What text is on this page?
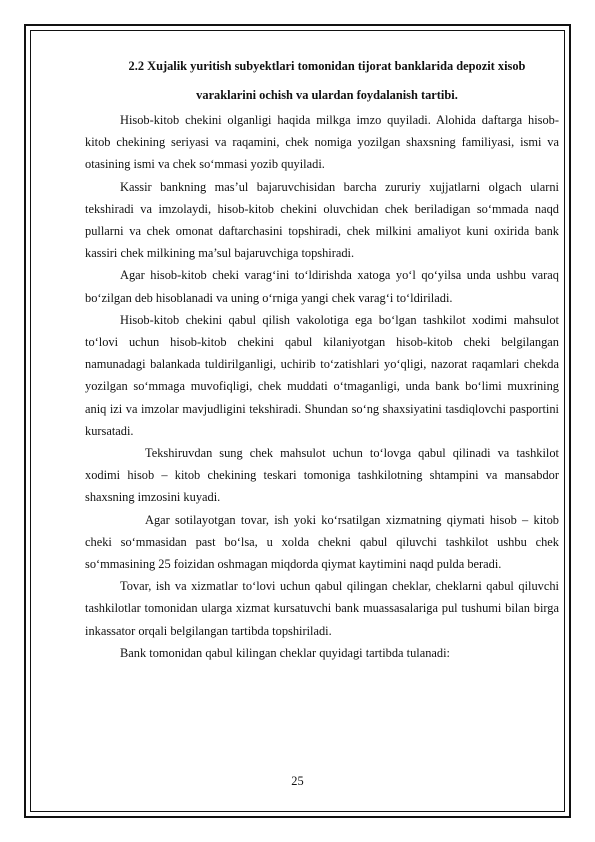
2.2 Xujalik yuritish subyektlari tomonidan tijorat banklarida depozit xisob
varaklarini ochish va ulardan foydalanish tartibi.

Hisob-kitob chekini olganligi haqida milkga imzo quyiladi. Alohida daftarga hisob-kitob chekining seriyasi va raqamini, chek nomiga yozilgan shaxsning familiyasi, ismi va otasining ismi va chek so‘mmasi yozib quyiladi.

Kassir bankning mas’ul bajaruvchisidan barcha zururiy xujjatlarni olgach ularni tekshiradi va imzolaydi, hisob-kitob chekini oluvchidan chek beriladigan so‘mmada naqd pullarni va chek omonat daftarchasini topshiradi, chek milkini amaliyot kuni oxirida bank kassiri chek milkining ma’sul bajaruvchiga topshiradi.

Agar hisob-kitob cheki varag‘ini to‘ldirishda xatoga yo‘l qo‘yilsa unda ushbu varaq bo‘zilgan deb hisoblanadi va uning o‘rniga yangi chek varag‘i to‘ldiriladi.

Hisob-kitob chekini qabul qilish vakolotiga ega bo‘lgan tashkilot xodimi mahsulot to‘lovi uchun hisob-kitob chekini qabul kilaniyotgan hisob-kitob cheki belgilangan namunadagi balankada tuldirilganligi, uchirib to‘zatishlari yo‘qligi, nazorat raqamlari chekda yozilgan so‘mmaga muvofiqligi, chek muddati o‘tmaganligi, unda bank bo‘limi muxrining aniq izi va imzolar mavjudligini tekshiradi. Shundan so‘ng shaxsiyatini tasdiqlovchi pasportini kursatadi.

Tekshiruvdan sung chek mahsulot uchun to‘lovga qabul qilinadi va tashkilot xodimi hisob – kitob chekining teskari tomoniga tashkilotning shtampini va mansabdor shaxsning imzosini kuyadi.

Agar sotilayotgan tovar, ish yoki ko‘rsatilgan xizmatning qiymati hisob – kitob cheki so‘mmasidan past bo‘lsa, u xolda chekni qabul qiluvchi tashkilot ushbu chek so‘mmasining 25 foizidan oshmagan miqdorda qiymat kaytimini naqd pulda beradi.

Tovar, ish va xizmatlar to‘lovi uchun qabul qilingan cheklar, cheklarni qabul qiluvchi tashkilotlar tomonidan ularga xizmat kursatuvchi bank muassasalariga pul tushumi bilan birga inkassator orqali belgilangan tartibda topshiriladi.

Bank tomonidan qabul kilingan cheklar quyidagi tartibda tulanadi:

25
